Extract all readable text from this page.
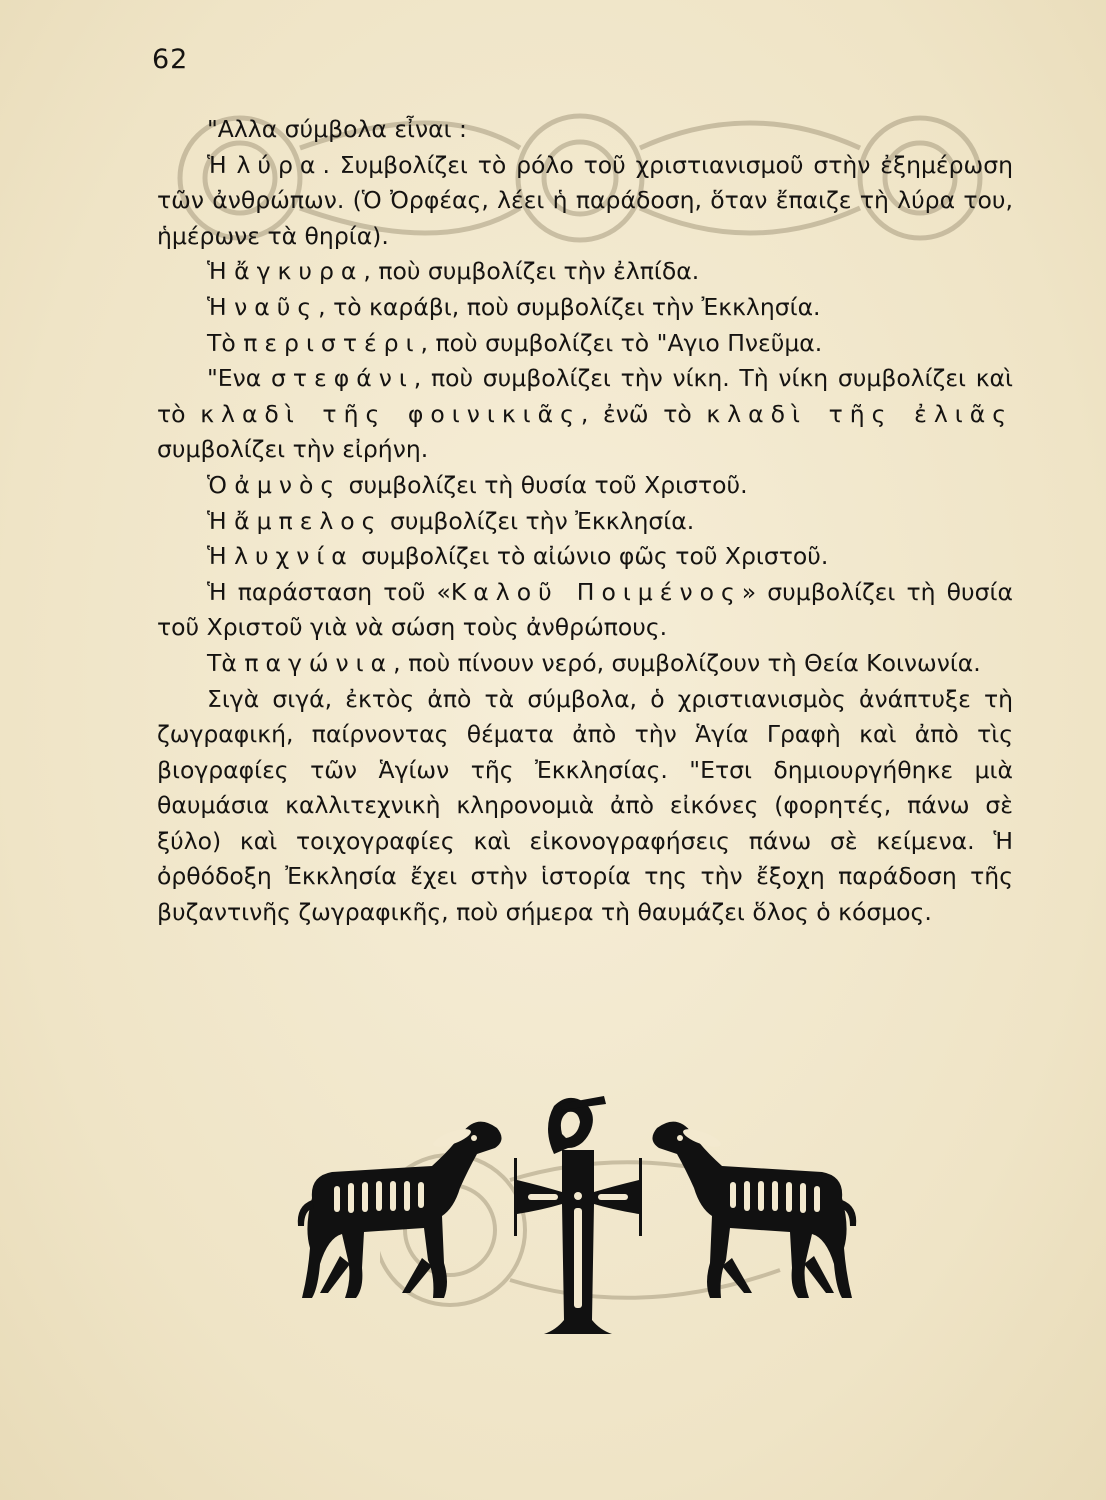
62

"Αλλα σύμβολα εἶναι :

Ἡ λύρα. Συμβολίζει τὸ ρόλο τοῦ χριστιανισμοῦ στὴν ἐξημέρωση τῶν ἀνθρώπων. (Ὁ Ὀρφέας, λέει ἡ παράδοση, ὅταν ἔπαιζε τὴ λύρα του, ἡμέρωνε τὰ θηρία).

Ἡ ἄγκυρα, ποὺ συμβολίζει τὴν ἐλπίδα.

Ἡ ναῦς, τὸ καράβι, ποὺ συμβολίζει τὴν Ἐκκλησία.

Τὸ περιστέρι, ποὺ συμβολίζει τὸ "Αγιο Πνεῦμα.

"Ενα στεφάνι, ποὺ συμβολίζει τὴν νίκη. Τὴ νίκη συμβολίζει καὶ τὸ κλαδὶ τῆς φοινικιᾶς, ἐνῶ τὸ κλαδὶ τῆς ἐλιᾶς συμβολίζει τὴν εἰρήνη.

Ὁ ἀμνὸς συμβολίζει τὴ θυσία τοῦ Χριστοῦ.

Ἡ ἄμπελος συμβολίζει τὴν Ἐκκλησία.

Ἡ λυχνία συμβολίζει τὸ αἰώνιο φῶς τοῦ Χριστοῦ.

Ἡ παράσταση τοῦ «Καλοῦ Ποιμένος» συμβολίζει τὴ θυσία τοῦ Χριστοῦ γιὰ νὰ σώση τοὺς ἀνθρώπους.

Τὰ παγώνια, ποὺ πίνουν νερό, συμβολίζουν τὴ Θεία Κοινωνία.

Σιγὰ σιγά, ἐκτὸς ἀπὸ τὰ σύμβολα, ὁ χριστιανισμὸς ἀνάπτυξε τὴ ζωγραφική, παίρνοντας θέματα ἀπὸ τὴν Ἁγία Γραφὴ καὶ ἀπὸ τὶς βιογραφίες τῶν Ἁγίων τῆς Ἐκκλησίας. "Ετσι δημιουργήθηκε μιὰ θαυμάσια καλλιτεχνικὴ κληρονομιὰ ἀπὸ εἰκόνες (φορητές, πάνω σὲ ξύλο) καὶ τοιχογραφίες καὶ εἰκονογραφήσεις πάνω σὲ κείμενα. Ἡ ὀρθόδοξη Ἐκκλησία ἔχει στὴν ἱστορία της τὴν ἔξοχη παράδοση τῆς βυζαντινῆς ζωγραφικῆς, ποὺ σήμερα τὴ θαυμάζει ὅλος ὁ κόσμος.
